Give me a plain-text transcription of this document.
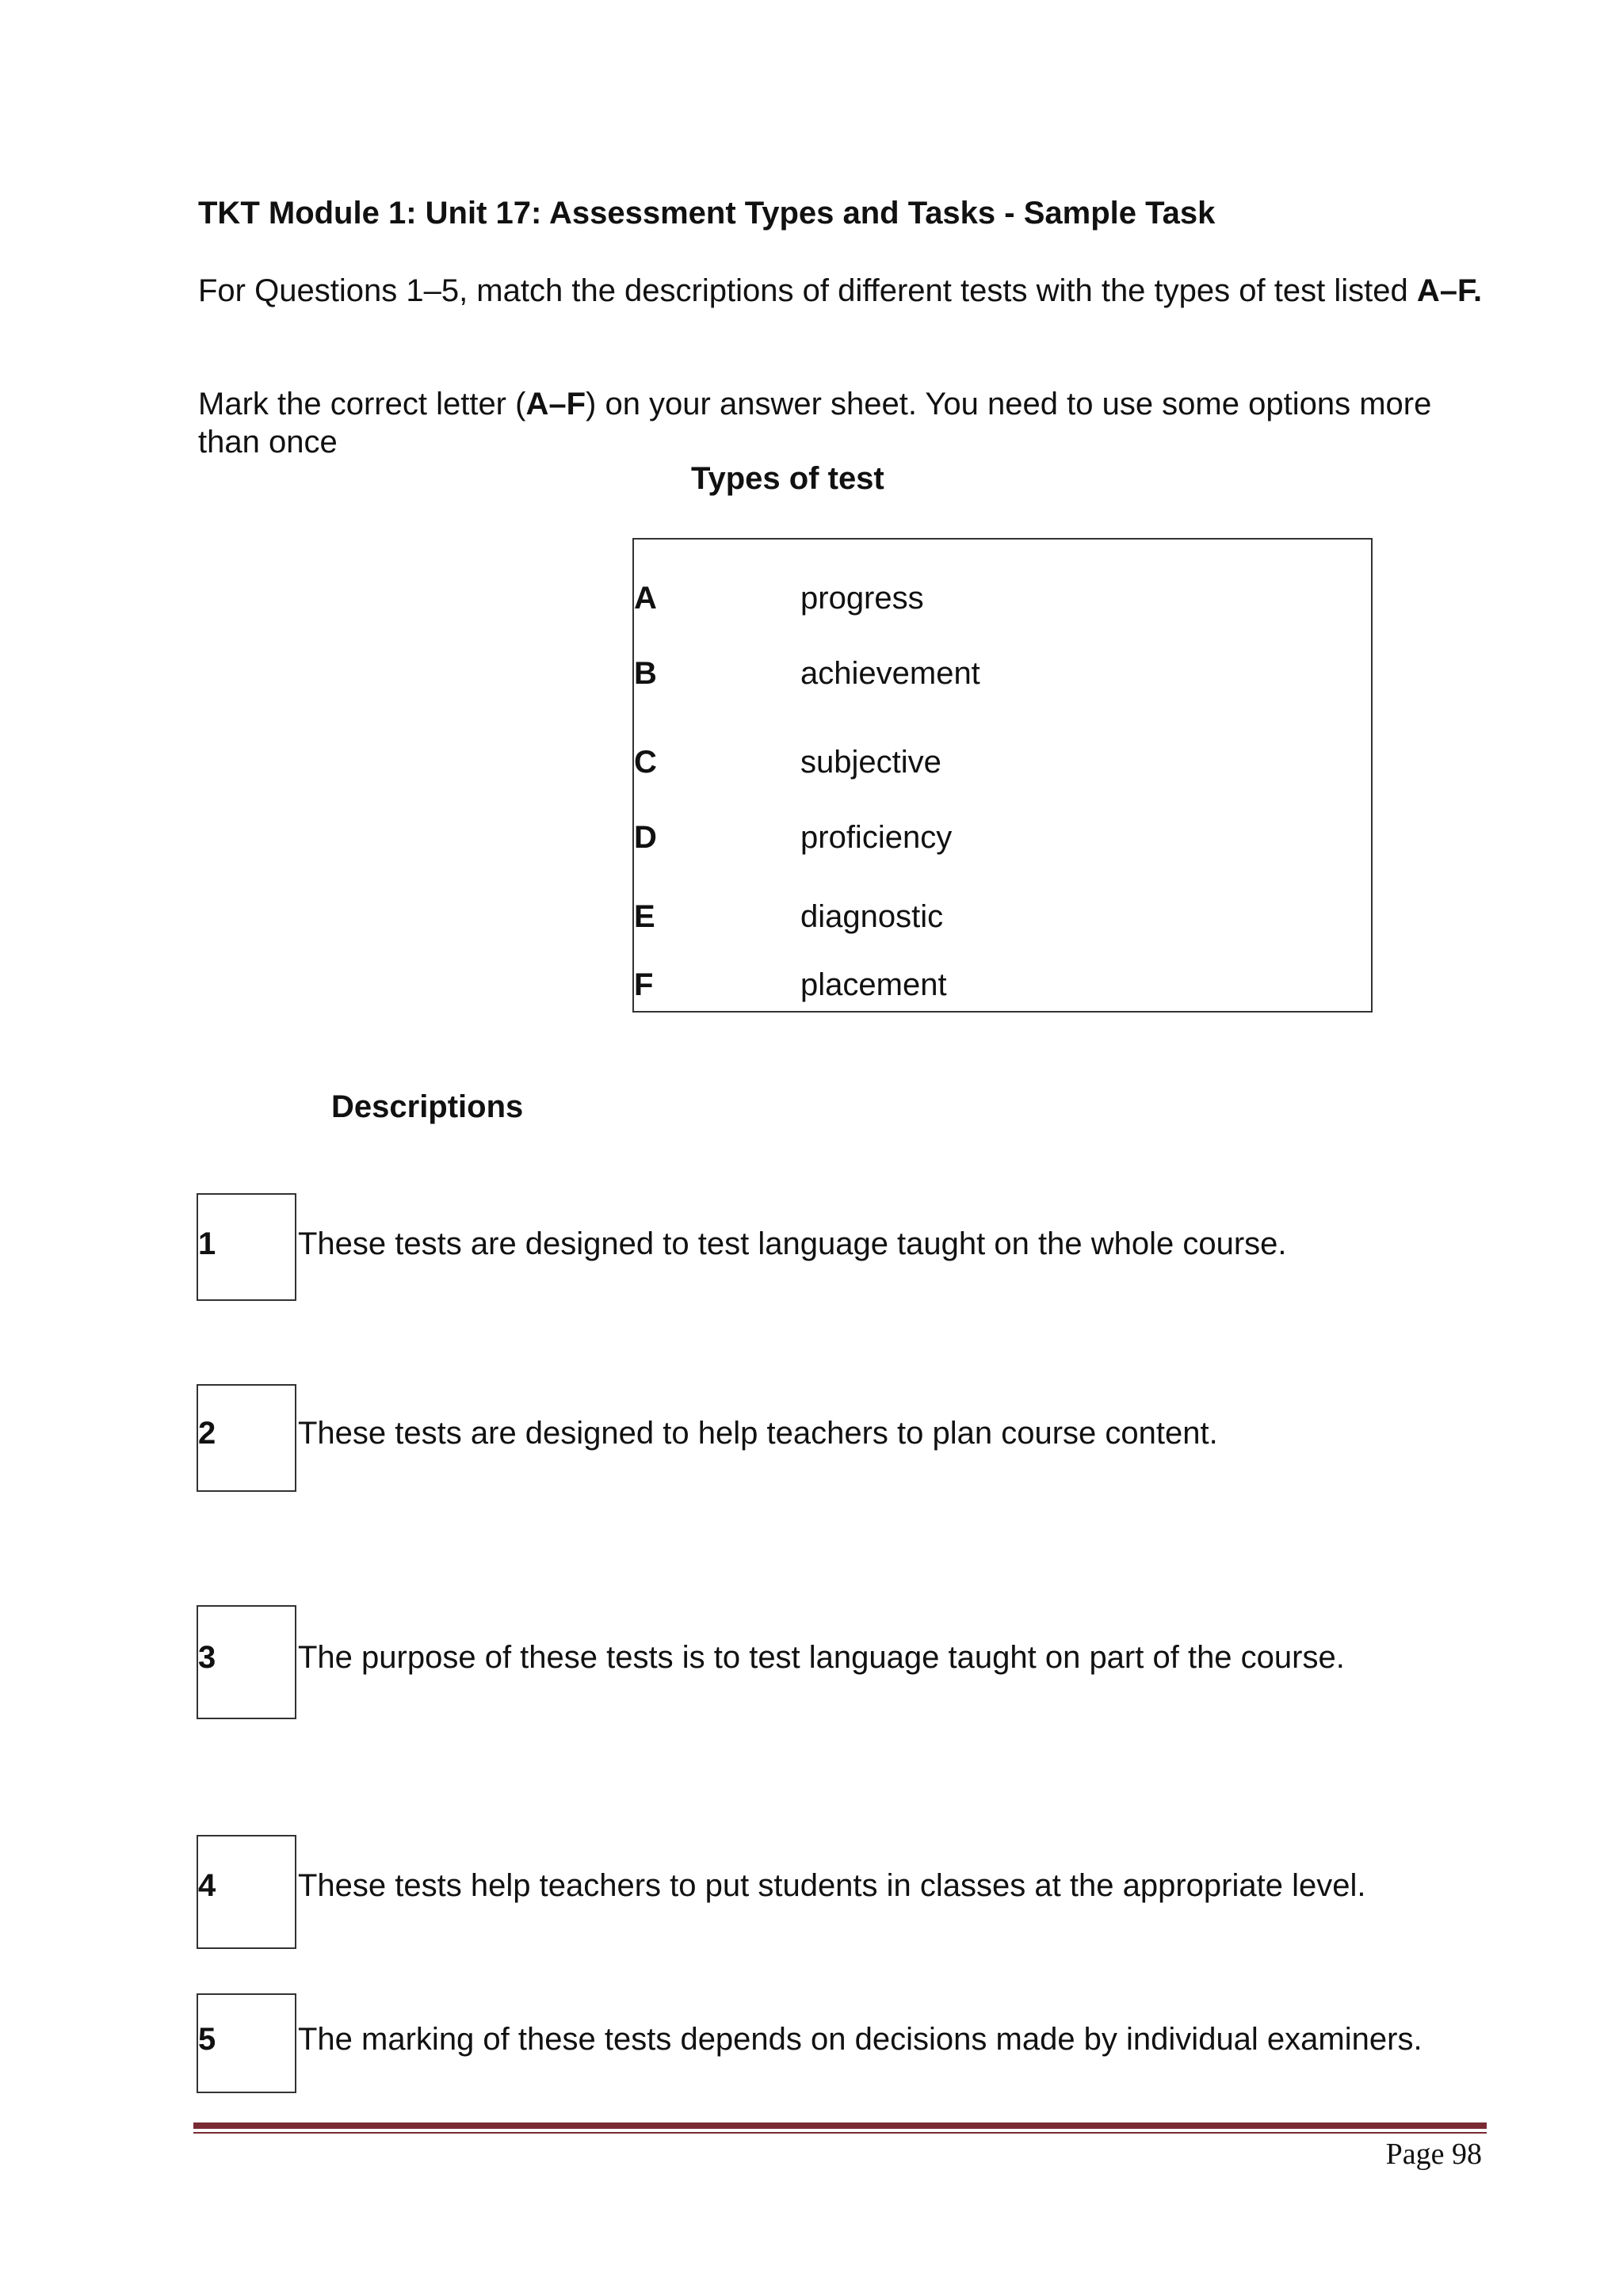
TKT Module 1: Unit 17: Assessment Types and Tasks - Sample Task
For Questions 1–5, match the descriptions of different tests with the types of test listed A–F.
Mark the correct letter (A–F) on your answer sheet. You need to use some options more than once
Types of test
A	progress
B	achievement
C	subjective
D	proficiency
E	diagnostic
F	placement
Descriptions
1	These tests are designed to test language taught on the whole course.
2	These tests are designed to help teachers to plan course content.
3	The purpose of these tests is to test language taught on part of the course.
4	These tests help teachers to put students in classes at the appropriate level.
5	The marking of these tests depends on decisions made by individual examiners.
Page 98
